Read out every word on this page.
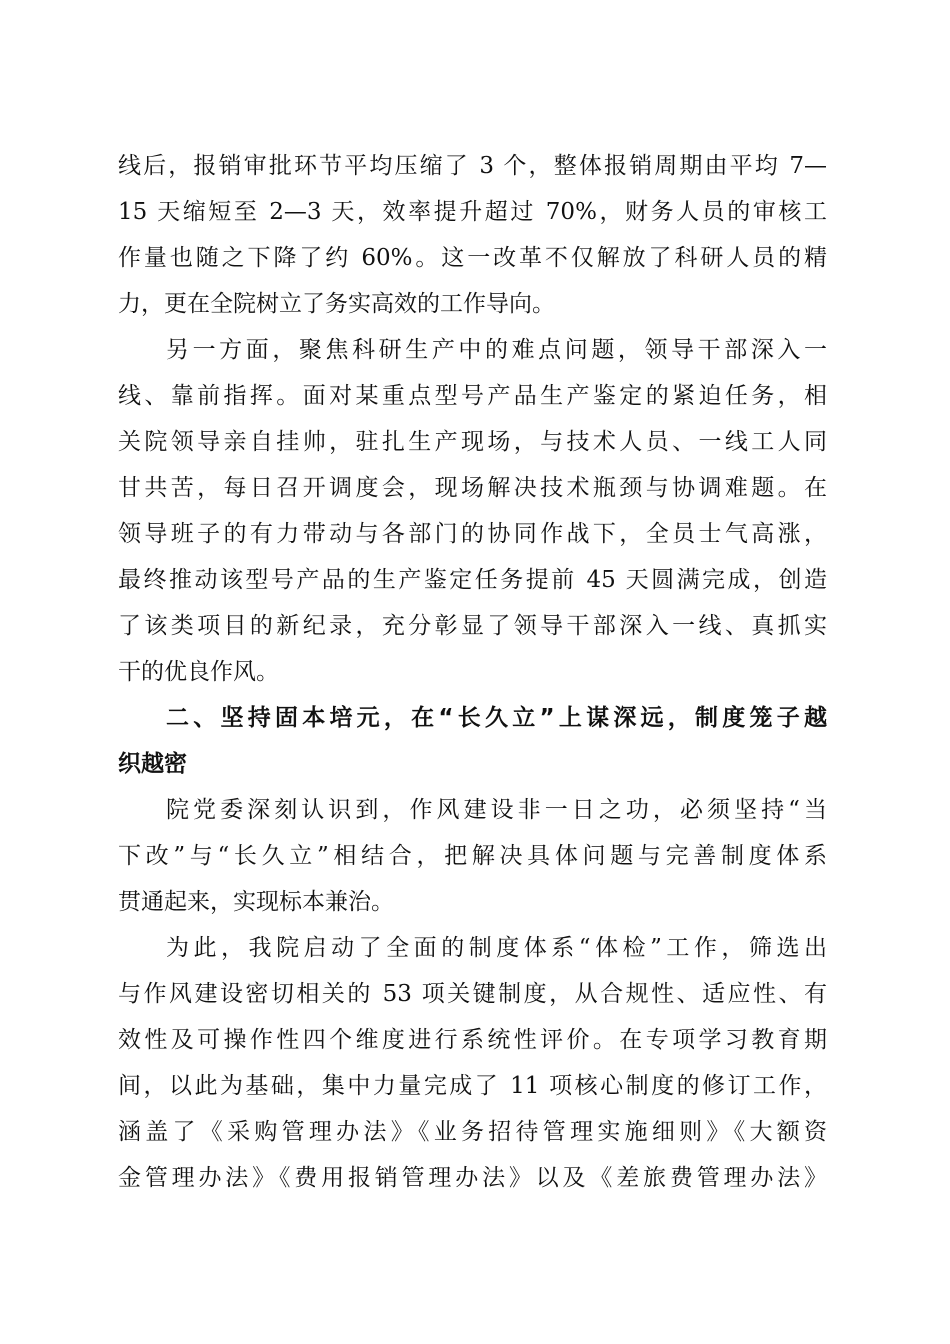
线后，报销审批环节平均压缩了 3 个，整体报销周期由平均 7—
15 天缩短至 2—3 天，效率提升超过 70%，财务人员的审核工
作量也随之下降了约 60%。这一改革不仅解放了科研人员的精
力，更在全院树立了务实高效的工作导向。
另一方面，聚焦科研生产中的难点问题，领导干部深入一
线、靠前指挥。面对某重点型号产品生产鉴定的紧迫任务，相
关院领导亲自挂帅，驻扎生产现场，与技术人员、一线工人同
甘共苦，每日召开调度会，现场解决技术瓶颈与协调难题。在
领导班子的有力带动与各部门的协同作战下，全员士气高涨，
最终推动该型号产品的生产鉴定任务提前 45 天圆满完成，创造
了该类项目的新纪录，充分彰显了领导干部深入一线、真抓实
干的优良作风。
二、坚持固本培元，在“长久立”上谋深远，制度笼子越
织越密
院党委深刻认识到，作风建设非一日之功，必须坚持“当
下改”与“长久立”相结合，把解决具体问题与完善制度体系
贯通起来，实现标本兼治。
为此，我院启动了全面的制度体系“体检”工作，筛选出
与作风建设密切相关的 53 项关键制度，从合规性、适应性、有
效性及可操作性四个维度进行系统性评价。在专项学习教育期
间，以此为基础，集中力量完成了 11 项核心制度的修订工作，
涵盖了《采购管理办法》《业务招待管理实施细则》《大额资
金管理办法》《费用报销管理办法》以及《差旅费管理办法》
